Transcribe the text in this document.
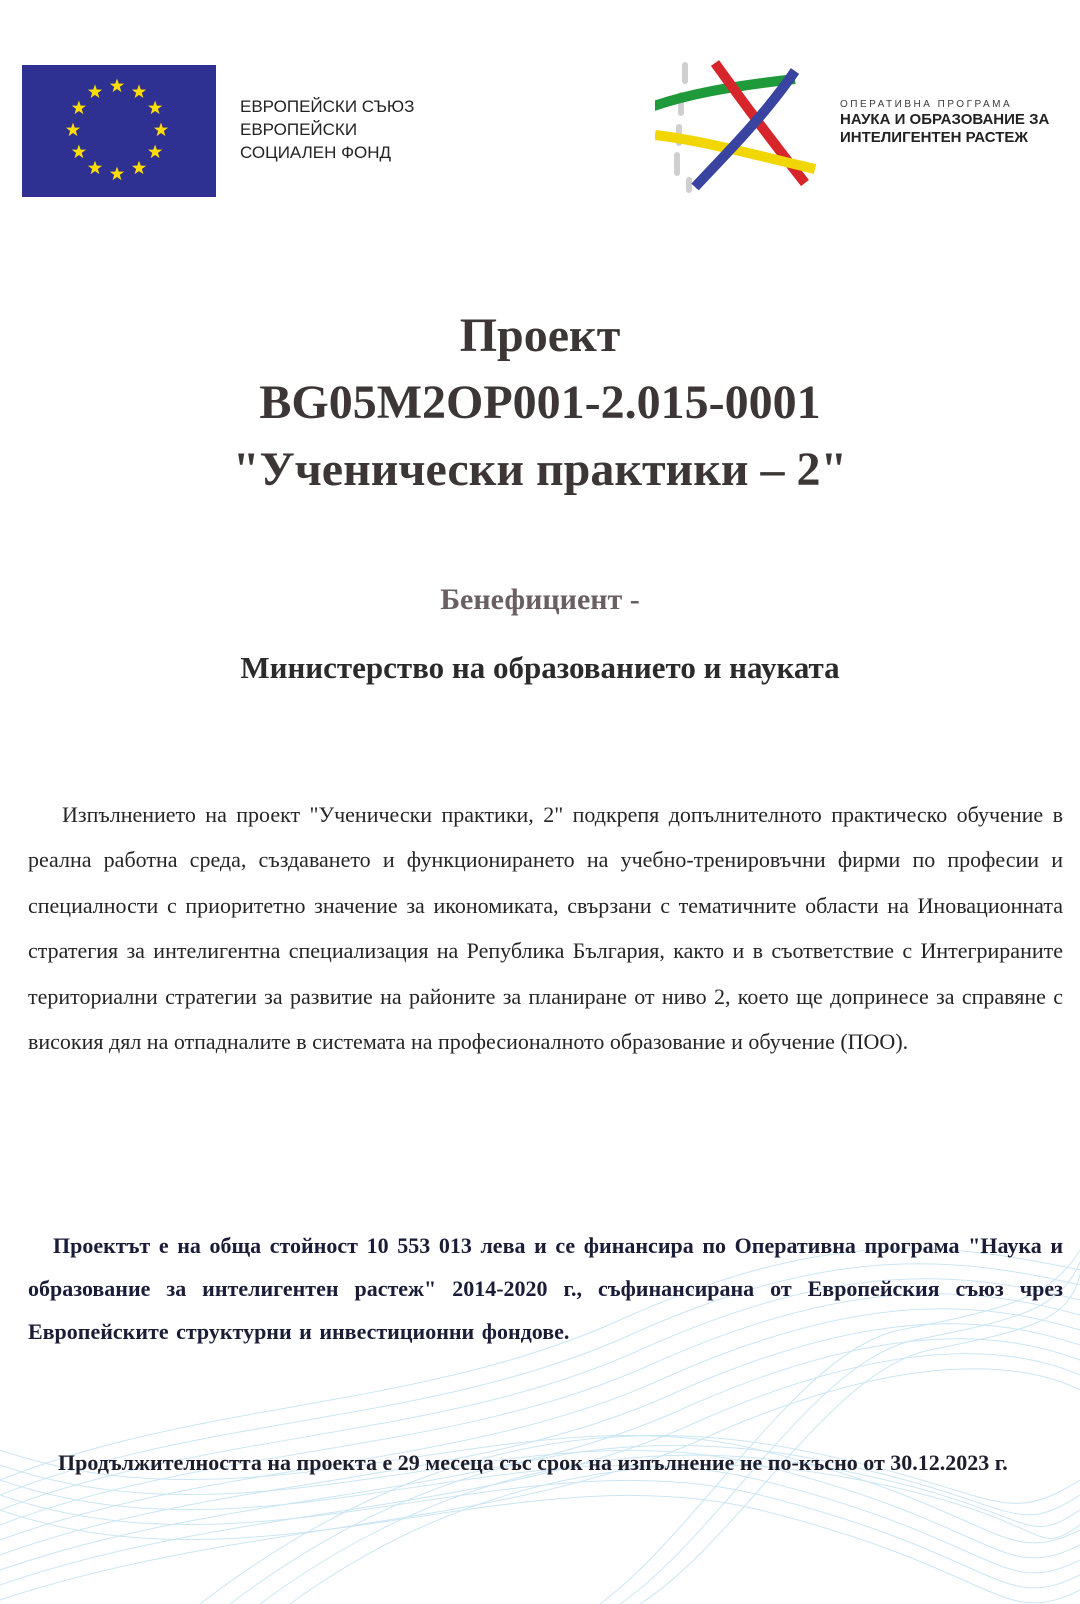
ЕВРОПЕЙСКИ СЪЮЗ
ЕВРОПЕЙСКИ
СОЦИАЛЕН ФОНД
ОПЕРАТИВНА ПРОГРАМА
НАУКА И ОБРАЗОВАНИЕ ЗА
ИНТЕЛИГЕНТЕН РАСТЕЖ
Проект
BG05M2OP001-2.015-0001
"Ученически практики – 2"
Бенефициент -
Министерство на образованието и науката

Изпълнението на проект "Ученически практики, 2" подкрепя допълнителното практическо обучение в реална работна среда, създаването и функционирането на учебно-тренировъчни фирми по професии и специалности с приоритетно значение за икономиката, свързани с тематичните области на Иновационната стратегия за интелигентна специализация на Република България, както и в съответствие с Интегрираните териториални стратегии за развитие на районите за планиране от ниво 2, което ще допринесе за справяне с високия дял на отпадналите в системата на професионалното образование и обучение (ПОО).

Проектът е на обща стойност 10 553 013 лева и се финансира по Оперативна програма "Наука и образование за интелигентен растеж" 2014-2020 г., съфинансирана от Европейския съюз чрез Европейските структурни и инвестиционни фондове.

Продължителността на проекта е 29 месеца със срок на изпълнение не по-късно от 30.12.2023 г.
